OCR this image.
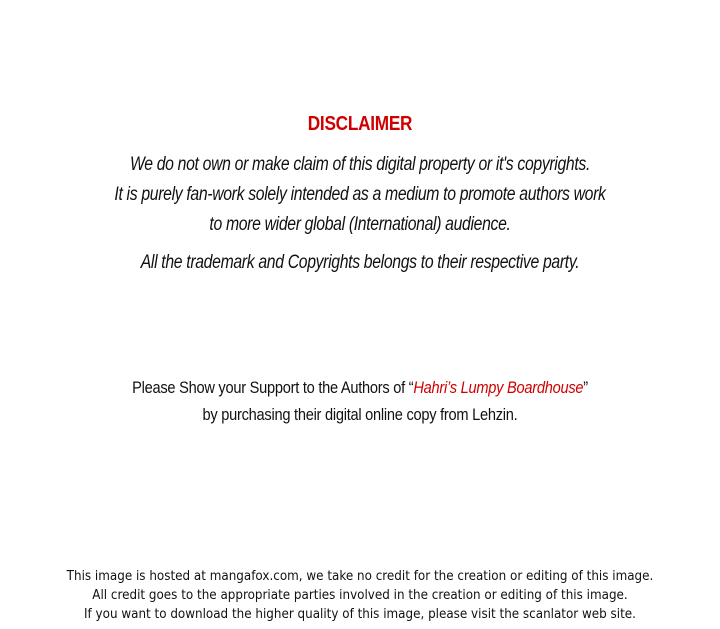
DISCLAIMER
We do not own or make claim of this digital property or it's copyrights.
It is purely fan-work solely intended as a medium to promote authors work
to more wider global (International) audience.
All the trademark and Copyrights belongs to their respective party.
Please Show your Support to the Authors of “Hahri’s Lumpy Boardhouse”
by purchasing their digital online copy from Lehzin.
This image is hosted at mangafox.com, we take no credit for the creation or editing of this image.
All credit goes to the appropriate parties involved in the creation or editing of this image.
If you want to download the higher quality of this image, please visit the scanlator web site.
